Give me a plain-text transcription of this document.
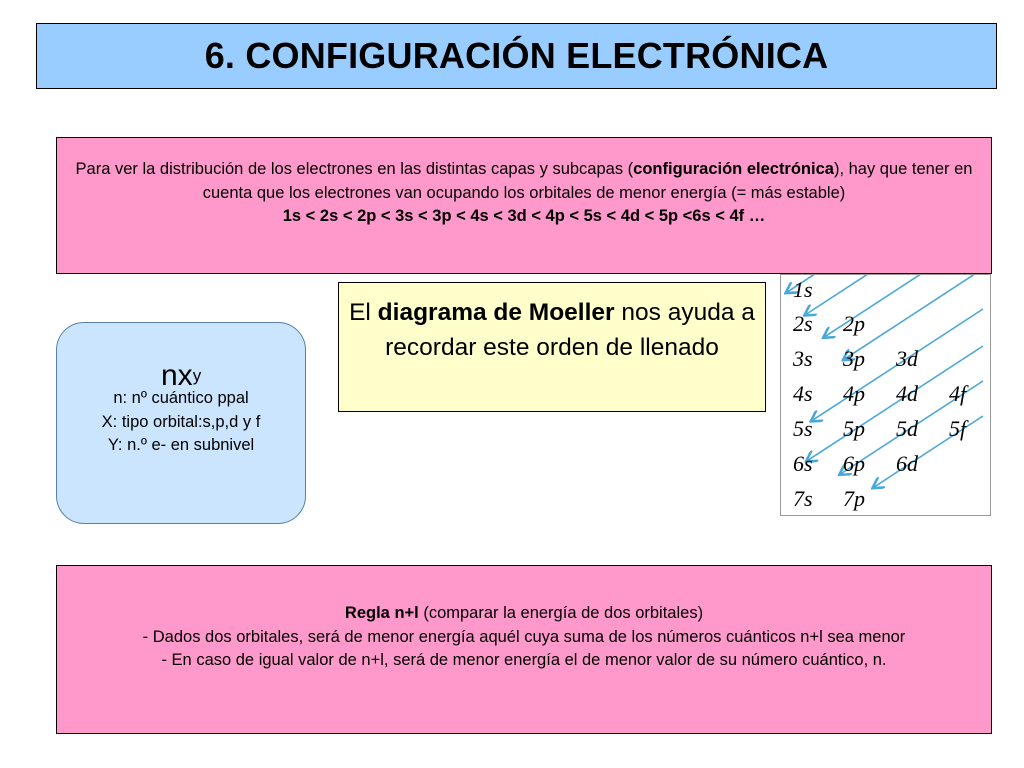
6. CONFIGURACIÓN ELECTRÓNICA

Para ver la distribución de los electrones en las distintas capas y subcapas (configuración electrónica), hay que tener en cuenta que los electrones van ocupando los orbitales de menor energía (= más estable)

1s < 2s < 2p < 3s < 3p < 4s < 3d < 4p < 5s < 4d < 5p <6s < 4f …

El diagrama de Moeller nos ayuda a recordar este orden de llenado
$nx^y$

n: nº cuántico ppal

X: tipo orbital:s,p,d y f

Y: n.º e- en subnivel

1s
2s 2p
3s 3p 3d
4s 4p 4d 4f
5s 5p 5d 5f
6s 6p 6d
7s 7p

Regla n+l (comparar la energía de dos orbitales)

- Dados dos orbitales, será de menor energía aquél cuya suma de los números cuánticos n+l sea menor

- En caso de igual valor de n+l, será de menor energía el de menor valor de su número cuántico, n.
